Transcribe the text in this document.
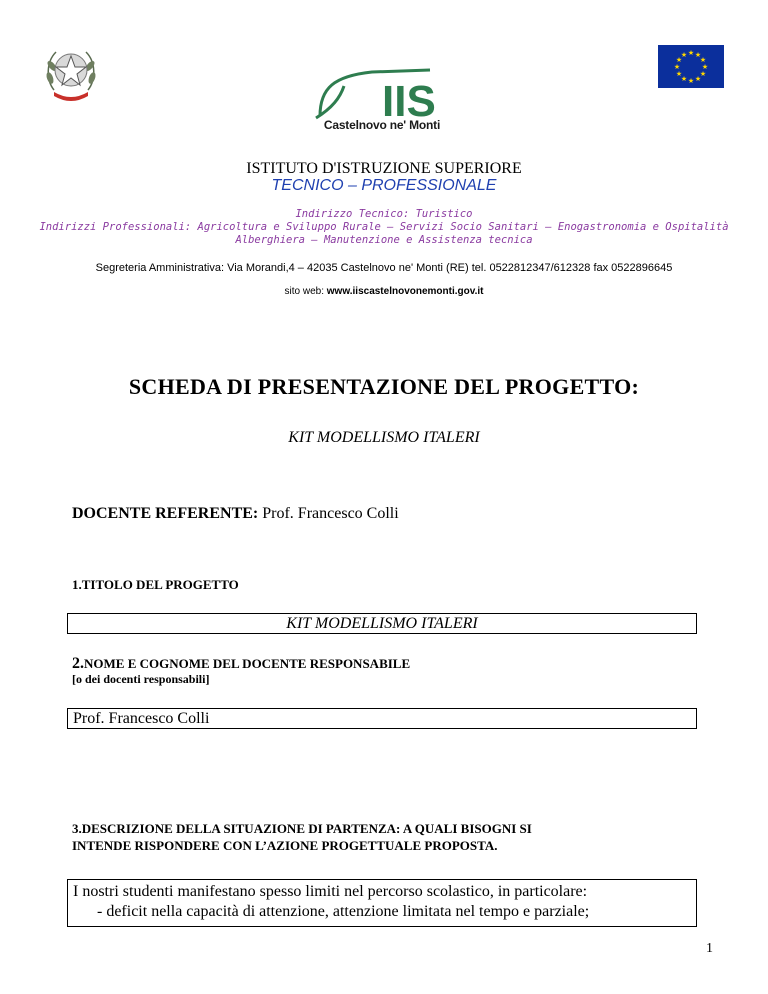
★ ★
★
★
★
★
★
★
★
★
★
★
IIS
Castelnovo ne' Monti
ISTITUTO D'ISTRUZIONE SUPERIORE
TECNICO – PROFESSIONALE
Indirizzo Tecnico: Turistico
Indirizzi Professionali: Agricoltura e Sviluppo Rurale – Servizi Socio Sanitari – Enogastronomia e Ospitalità
Alberghiera – Manutenzione e Assistenza tecnica
Segreteria Amministrativa: Via Morandi,4 – 42035 Castelnovo ne' Monti (RE) tel. 0522812347/612328 fax 0522896645
sito web: www.iiscastelnovonemonti.gov.it
SCHEDA DI PRESENTAZIONE DEL PROGETTO:
KIT MODELLISMO ITALERI
DOCENTE REFERENTE: Prof. Francesco Colli
1.TITOLO DEL PROGETTO
KIT MODELLISMO ITALERI
2.NOME E COGNOME DEL DOCENTE RESPONSABILE
[o dei docenti responsabili]
Prof. Francesco Colli
3.DESCRIZIONE DELLA SITUAZIONE DI PARTENZA: A QUALI BISOGNI SI
INTENDE RISPONDERE CON L’AZIONE PROGETTUALE PROPOSTA.
I nostri studenti manifestano spesso limiti nel percorso scolastico, in particolare:
- deficit nella capacità di attenzione, attenzione limitata nel tempo e parziale;
1
